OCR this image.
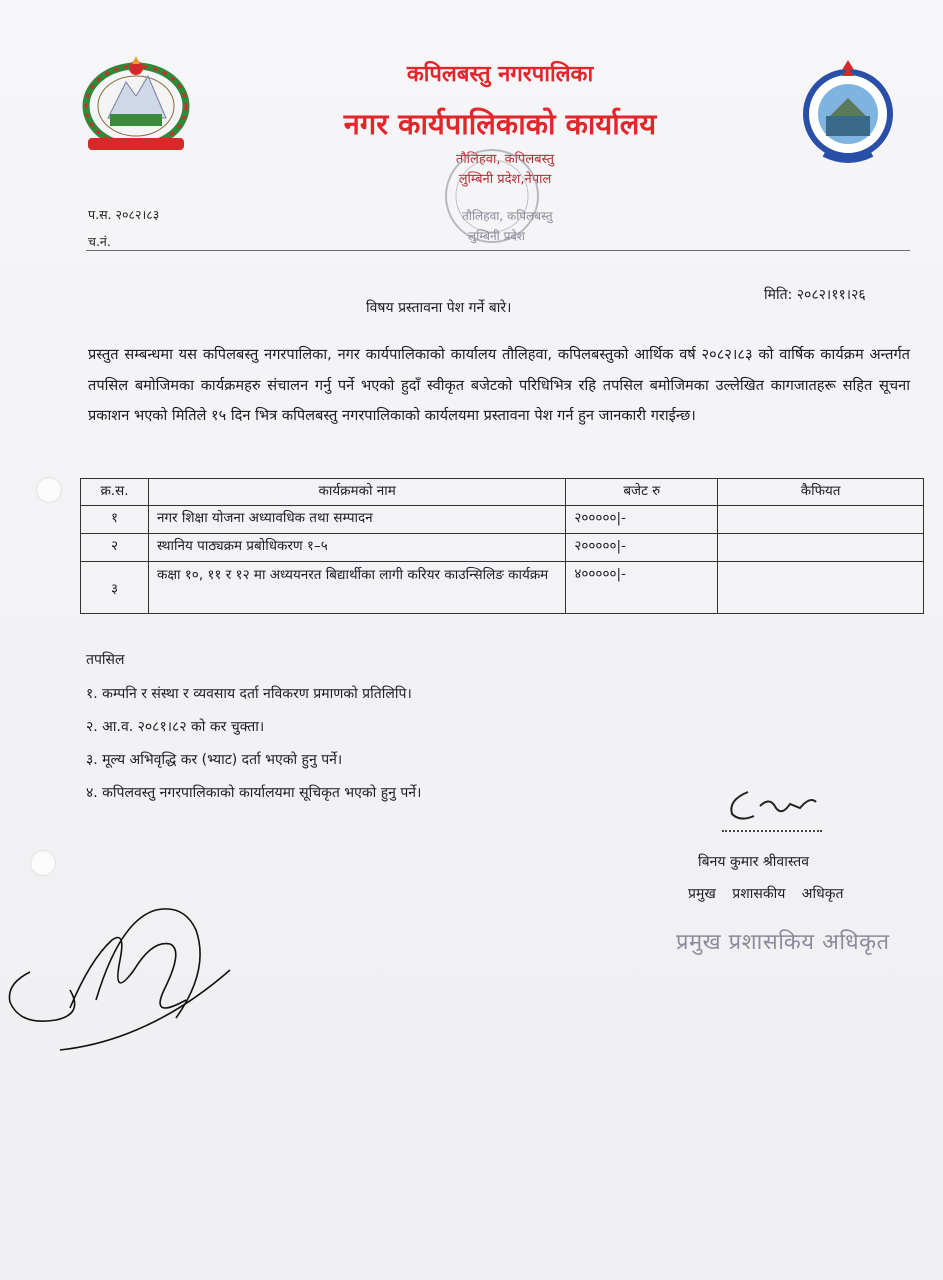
कपिलबस्तु नगरपालिका
नगर कार्यपालिकाको कार्यालय
तौलिहवा, कपिलबस्तु
लुम्बिनी प्रदेश,नेपाल
तौलिहवा, कपिलबस्तु
लुम्बिनी प्रदेश
प.स. २०८२।८३
च.नं.
मिति: २०८२।११।२६
विषय प्रस्तावना पेश गर्ने बारे।
प्रस्तुत सम्बन्धमा यस कपिलबस्तु नगरपालिका, नगर कार्यपालिकाको कार्यालय तौलिहवा, कपिलबस्तुको आर्थिक वर्ष २०८२।८३ को वार्षिक कार्यक्रम अन्तर्गत तपसिल बमोजिमका कार्यक्रमहरु संचालन गर्नु पर्ने भएको हुदाँ स्वीकृत बजेटको परिधिभित्र रहि तपसिल बमोजिमका उल्लेखित कागजातहरू सहित सूचना प्रकाशन भएको मितिले १५ दिन भित्र कपिलबस्तु नगरपालिकाको कार्यलयमा प्रस्तावना पेश गर्न हुन जानकारी गराईन्छ।
क्र.स.	कार्यक्रमको नाम	बजेट रु	कैफियत
१	नगर शिक्षा योजना अध्यावधिक तथा सम्पादन	२०००००|-	
२	स्थानिय पाठ्यक्रम प्रबोधिकरण १–५	२०००००|-	
३	कक्षा १०, ११ र १२ मा अध्ययनरत बिद्यार्थीका लागी करियर काउन्सिलिङ कार्यक्रम	४०००००|-	
तपसिल
१. कम्पनि र संस्था र व्यवसाय दर्ता नविकरण प्रमाणको प्रतिलिपि।
२. आ.व. २०८१।८२ को कर चुक्ता।
३. मूल्य अभिवृद्धि कर (भ्याट) दर्ता भएको हुनु पर्ने।
४. कपिलवस्तु नगरपालिकाको कार्यालयमा सूचिकृत भएको हुनु पर्ने।
बिनय कुमार श्रीवास्तव
प्रमुख प्रशासकीय अधिकृत
प्रमुख प्रशासकिय अधिकृत
